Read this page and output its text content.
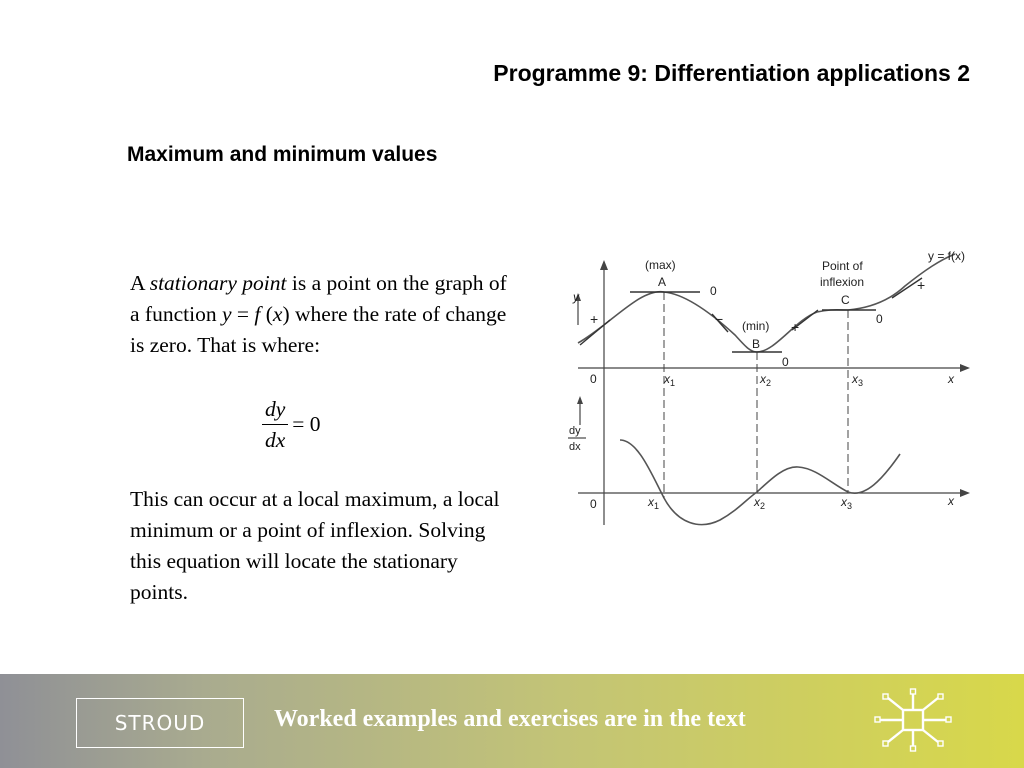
Programme 9: Differentiation applications 2
Maximum and minimum values
A stationary point is a point on the graph of a function y = f (x) where the rate of change is zero. That is where:
$\frac{dy}{dx} = 0$
This can occur at a local maximum, a local minimum or a point of inflexion. Solving this equation will locate the stationary points.
(max)
A
0
(min)
B
0
Point of
inflexion
C
0
y = f(x)
y
0
0
x
x
$x_1$	$x_2$	$x_3$
$x_1$	$x_2$	$x_3$
+	−	+
+
dy
dx
STROUD	Worked examples and exercises are in the text
